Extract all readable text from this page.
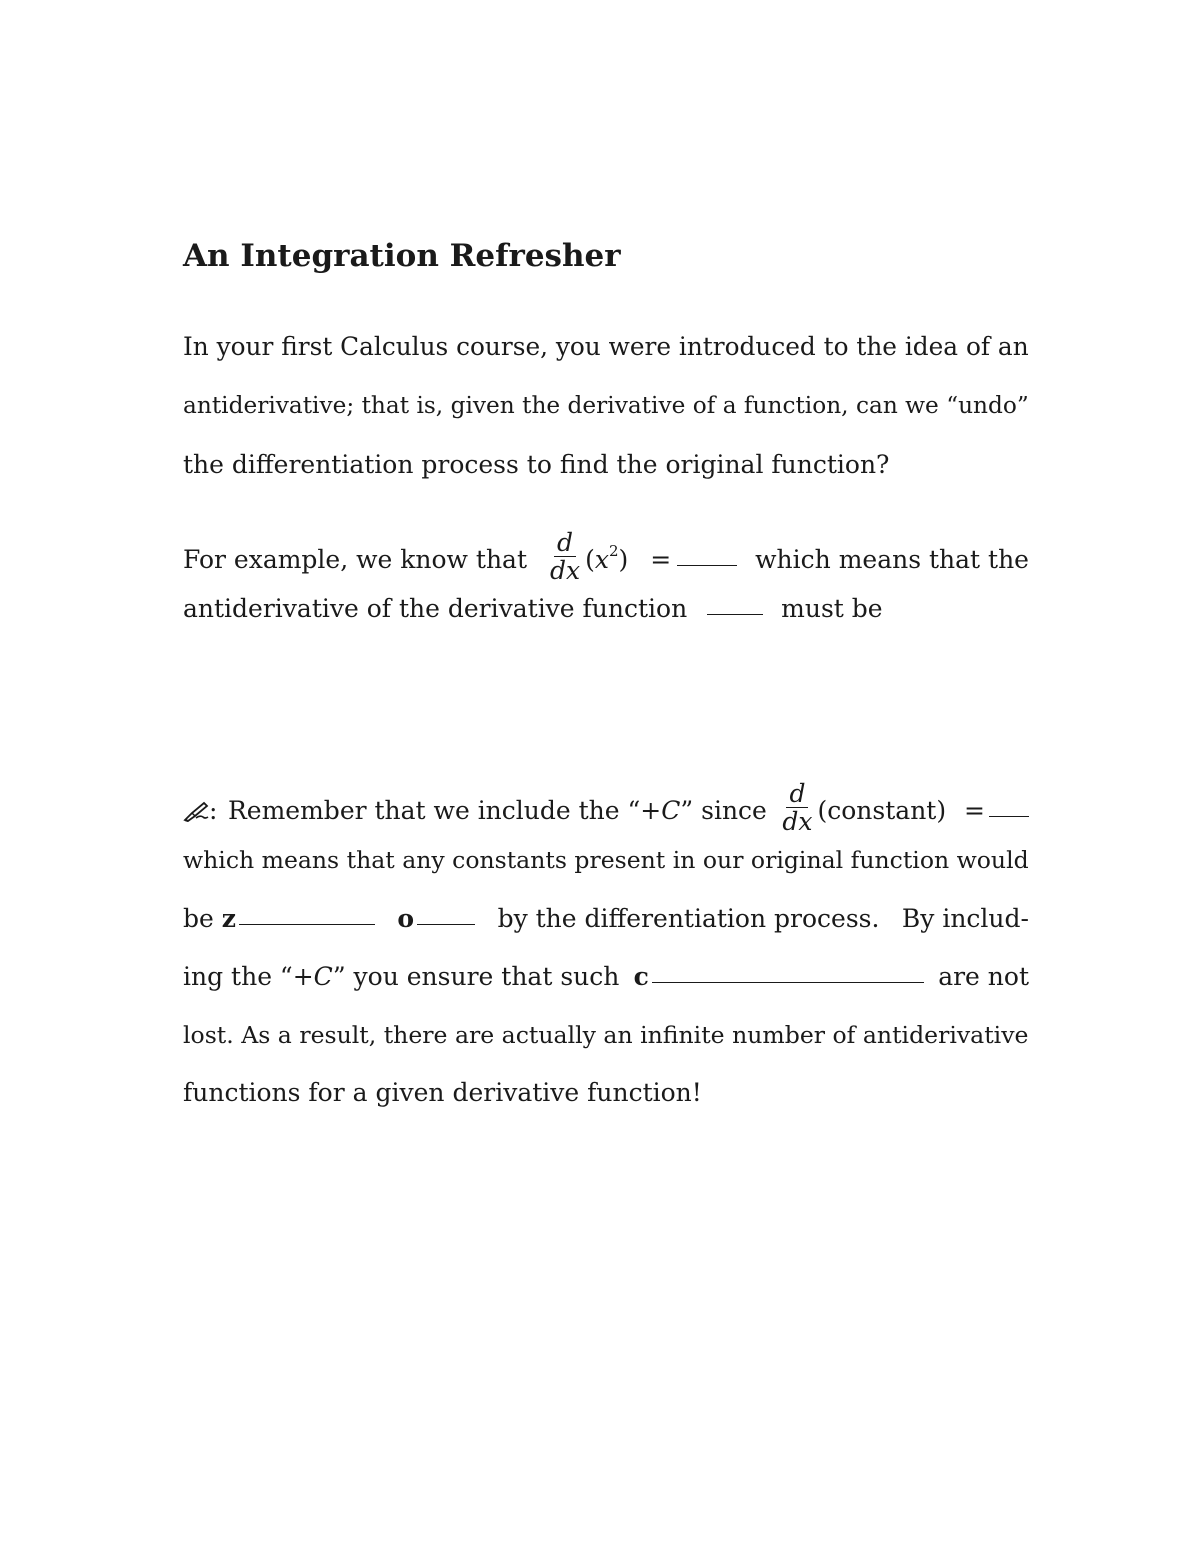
An Integration Refresher
In your first Calculus course, you were introduced to the idea of an
antiderivative; that is, given the derivative of a function, can we “undo”
the differentiation process to find the original function?
For example, we know that $\frac{d}{dx} (x^2)$ =	which means that the
antiderivative of the derivative function	must be
: Remember that we include the “+C” since $\frac{d}{dx}$ (constant) =
which means that any constants present in our original function would
be z	o	by the differentiation process. By includ-
ing the “+C” you ensure that such c	are not
lost. As a result, there are actually an infinite number of antiderivative
functions for a given derivative function!
